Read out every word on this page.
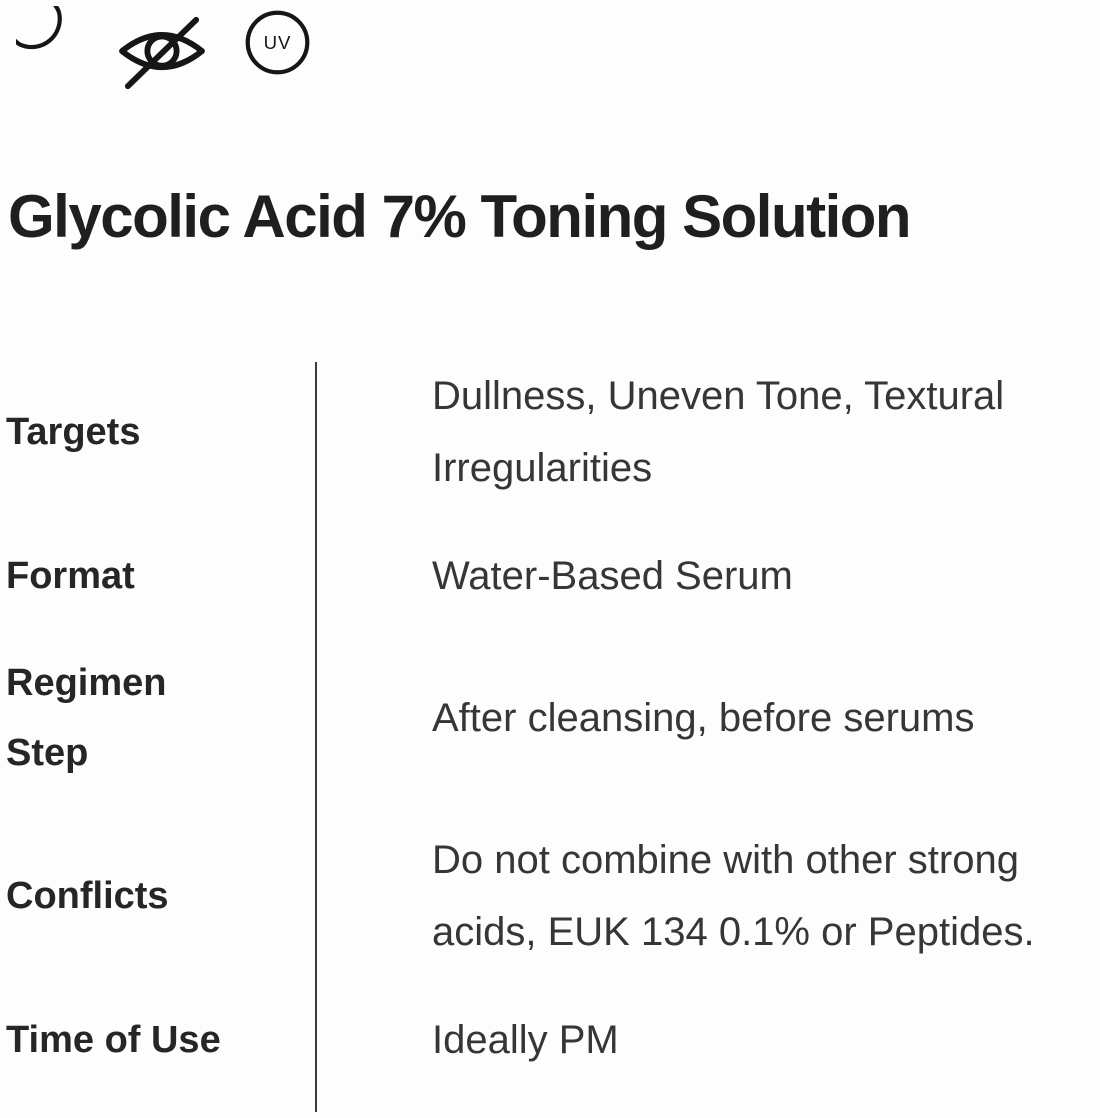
UV
Glycolic Acid 7% Toning Solution
Targets
Dullness, Uneven Tone, Textural Irregularities
Format	Water-Based Serum
Regimen Step
After cleansing, before serums
Conflicts
Do not combine with other strong acids, EUK 134 0.1% or Peptides.
Time of Use	Ideally PM
